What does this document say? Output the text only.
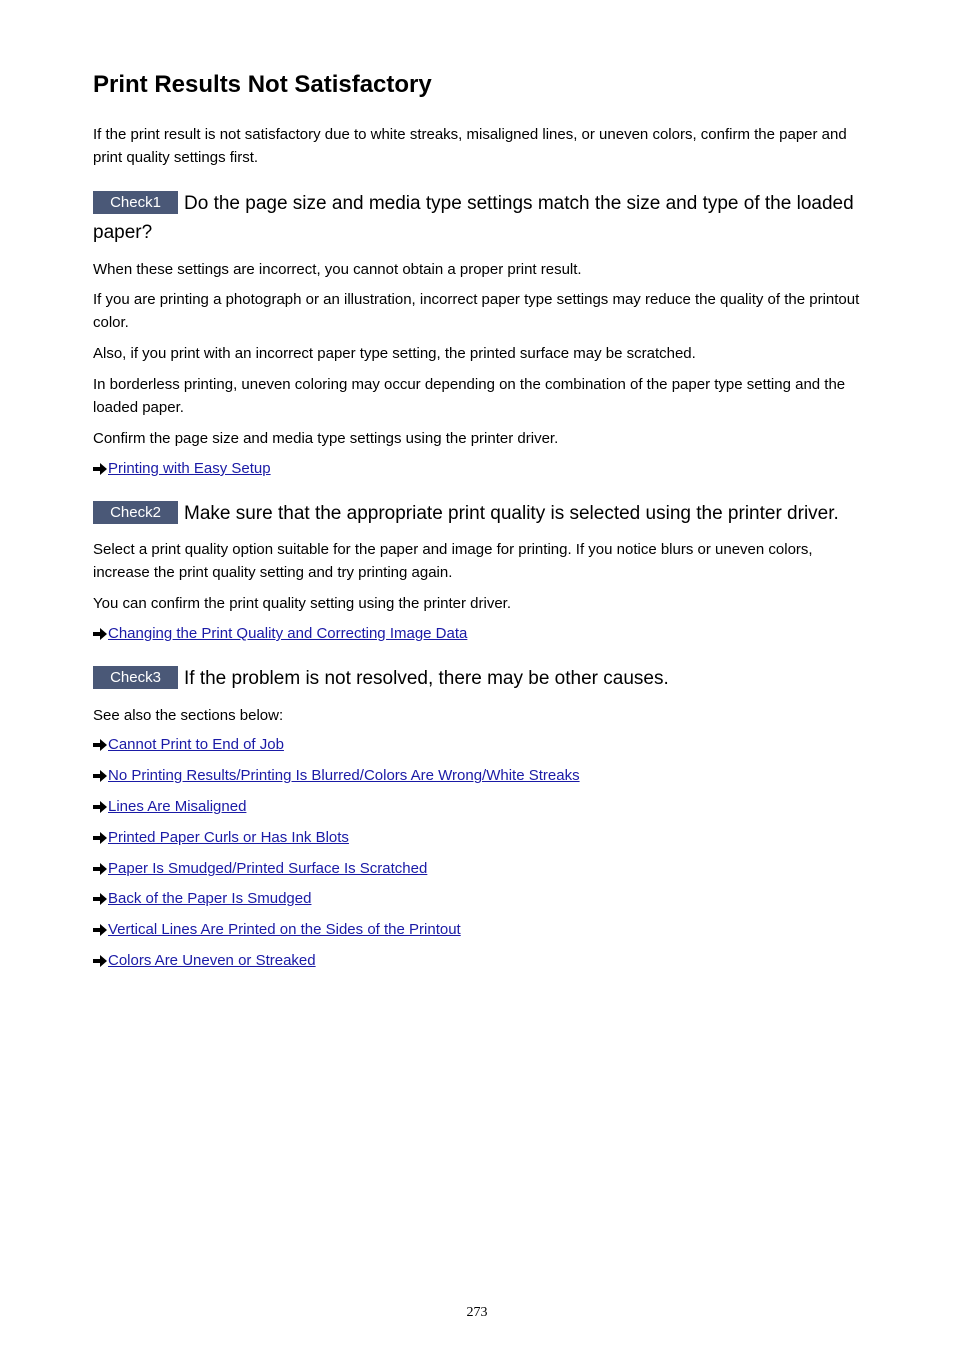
Print Results Not Satisfactory

If the print result is not satisfactory due to white streaks, misaligned lines, or uneven colors, confirm the paper and print quality settings first.

Check1 Do the page size and media type settings match the size and type of the loaded paper?

When these settings are incorrect, you cannot obtain a proper print result.

If you are printing a photograph or an illustration, incorrect paper type settings may reduce the quality of the printout color.

Also, if you print with an incorrect paper type setting, the printed surface may be scratched.

In borderless printing, uneven coloring may occur depending on the combination of the paper type setting and the loaded paper.

Confirm the page size and media type settings using the printer driver.

Printing with Easy Setup
Check2 Make sure that the appropriate print quality is selected using the printer driver.

Select a print quality option suitable for the paper and image for printing. If you notice blurs or uneven colors, increase the print quality setting and try printing again.

You can confirm the print quality setting using the printer driver.

Changing the Print Quality and Correcting Image Data
Check3 If the problem is not resolved, there may be other causes.

See also the sections below:

Cannot Print to End of Job
No Printing Results/Printing Is Blurred/Colors Are Wrong/White Streaks
Lines Are Misaligned
Printed Paper Curls or Has Ink Blots
Paper Is Smudged/Printed Surface Is Scratched
Back of the Paper Is Smudged
Vertical Lines Are Printed on the Sides of the Printout
Colors Are Uneven or Streaked
273
